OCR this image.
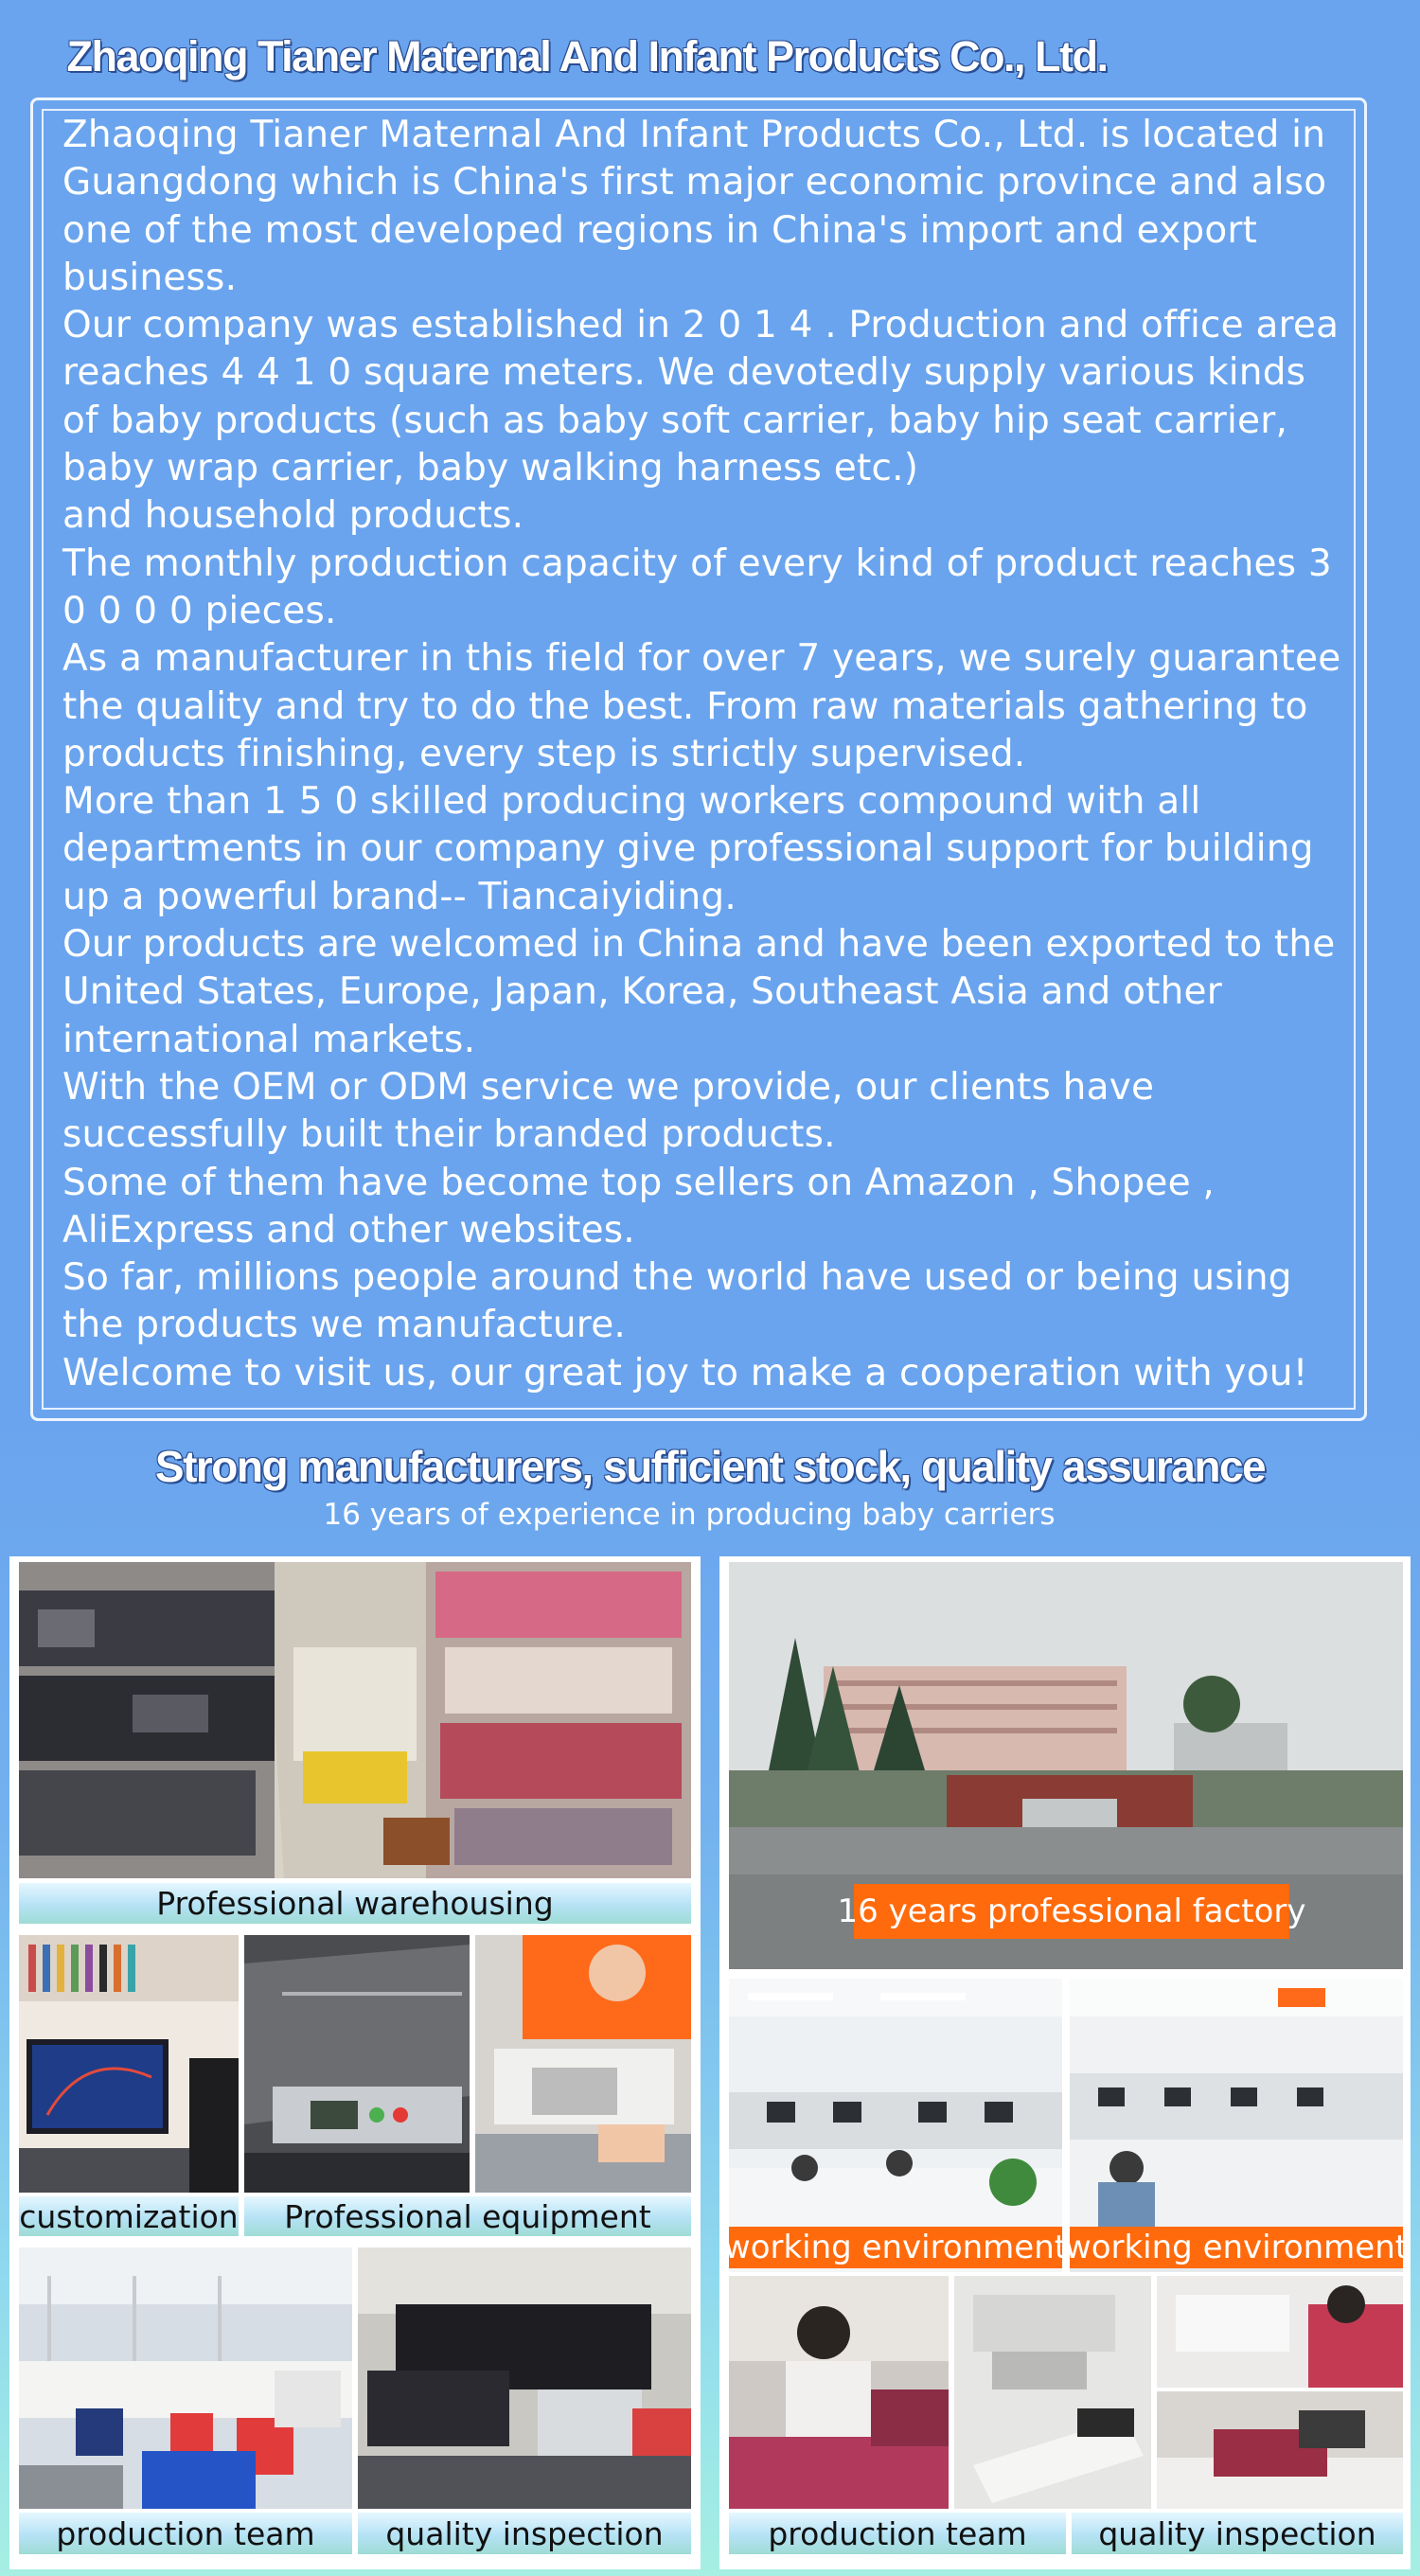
Zhaoqing Tianer Maternal And Infant Products Co., Ltd.

Zhaoqing Tianer Maternal And Infant Products Co., Ltd. is located in Guangdong which is China's first major economic province and also one of the most developed regions in China's import and export business.

Our company was established in 2 0 1 4 . Production and office area reaches 4 4 1 0 square meters. We devotedly supply various kinds of baby products (such as baby soft carrier, baby hip seat carrier, baby wrap carrier, baby walking harness etc.)

and household products.

The monthly production capacity of every kind of product reaches 3 0 0 0 0 pieces.

As a manufacturer in this field for over 7 years, we surely guarantee the quality and try to do the best. From raw materials gathering to products finishing, every step is strictly supervised.

More than 1 5 0 skilled producing workers compound with all departments in our company give professional support for building up a powerful brand-- Tiancaiyiding.

Our products are welcomed in China and have been exported to the United States, Europe, Japan, Korea, Southeast Asia and other international markets.

With the OEM or ODM service we provide, our clients have successfully built their branded products.

Some of them have become top sellers on Amazon , Shopee , AliExpress and other websites.

So far, millions people around the world have used or being using the products we manufacture.

Welcome to visit us, our great joy to make a cooperation with you!

Strong manufacturers, sufficient stock, quality assurance
16 years of experience in producing baby carriers
Professional warehousing
customization	Professional equipment
production team	quality inspection
16 years professional factory
working environment
working environment
production team	quality inspection
